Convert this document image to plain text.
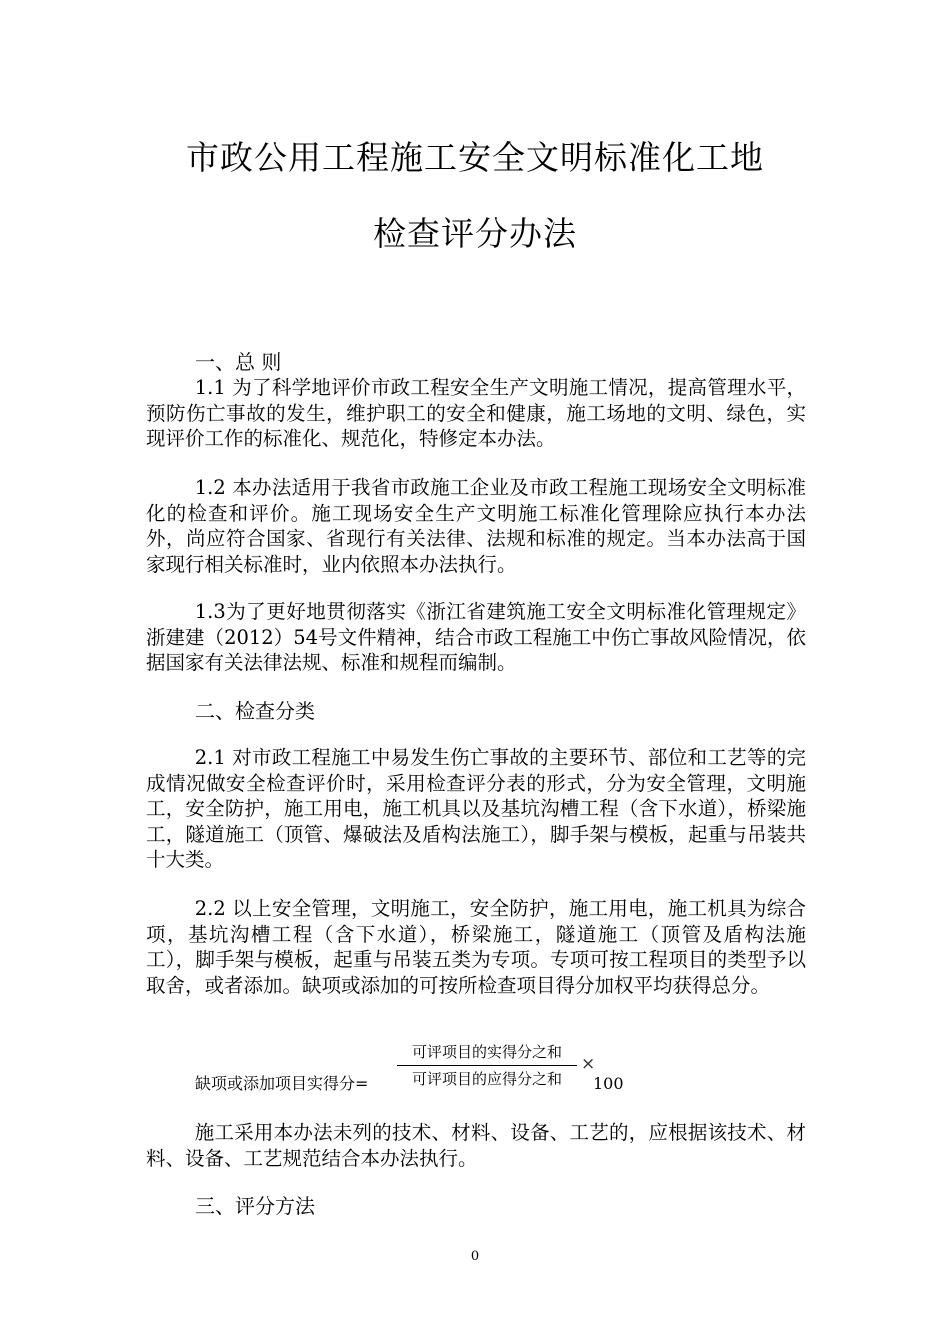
市政公用工程施工安全文明标准化工地
检查评分办法
一、总 则
1.1 为了科学地评价市政工程安全生产文明施工情况，提高管理水平，预防伤亡事故的发生，维护职工的安全和健康，施工场地的文明、绿色，实现评价工作的标准化、规范化，特修定本办法。
1.2 本办法适用于我省市政施工企业及市政工程施工现场安全文明标准化的检查和评价。施工现场安全生产文明施工标准化管理除应执行本办法外，尚应符合国家、省现行有关法律、法规和标准的规定。当本办法高于国家现行相关标准时，业内依照本办法执行。
1.3为了更好地贯彻落实《浙江省建筑施工安全文明标准化管理规定》浙建建（2012）54号文件精神，结合市政工程施工中伤亡事故风险情况，依据国家有关法律法规、标准和规程而编制。
二、检查分类
2.1 对市政工程施工中易发生伤亡事故的主要环节、部位和工艺等的完成情况做安全检查评价时，采用检查评分表的形式，分为安全管理，文明施工，安全防护，施工用电，施工机具以及基坑沟槽工程（含下水道），桥梁施工，隧道施工（顶管、爆破法及盾构法施工），脚手架与模板，起重与吊装共十大类。
2.2 以上安全管理，文明施工，安全防护，施工用电，施工机具为综合项，基坑沟槽工程（含下水道），桥梁施工，隧道施工（顶管及盾构法施工），脚手架与模板，起重与吊装五类为专项。专项可按工程项目的类型予以取舍，或者添加。缺项或添加的可按所检查项目得分加权平均获得总分。
缺项或添加项目实得分=
可评项目的实得分之和
可评项目的应得分之和
×
100
施工采用本办法未列的技术、材料、设备、工艺的，应根据该技术、材料、设备、工艺规范结合本办法执行。
三、评分方法
0
